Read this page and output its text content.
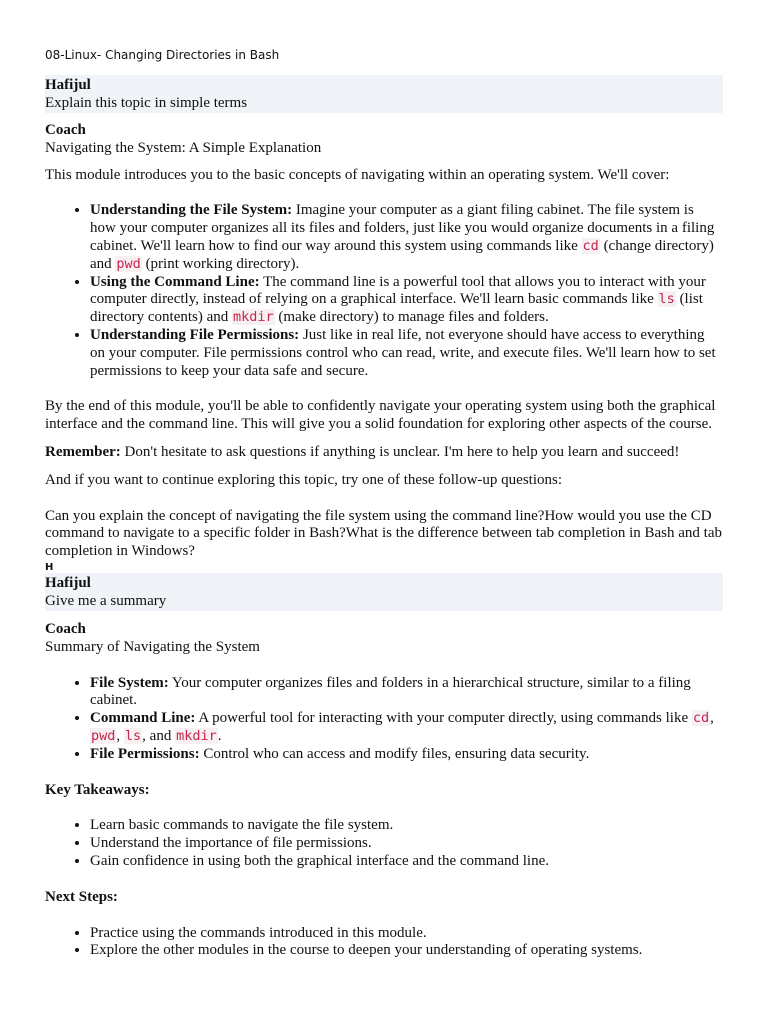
08-Linux- Changing Directories in Bash

Hafijul

Explain this topic in simple terms

Coach

Navigating the System: A Simple Explanation

This module introduces you to the basic concepts of navigating within an operating system. We'll cover:

• Understanding the File System: Imagine your computer as a giant filing cabinet. The file system is how your computer organizes all its files and folders, just like you would organize documents in a filing cabinet. We'll learn how to find our way around this system using commands like cd (change directory) and pwd (print working directory).
• Using the Command Line: The command line is a powerful tool that allows you to interact with your computer directly, instead of relying on a graphical interface. We'll learn basic commands like ls (list directory contents) and mkdir (make directory) to manage files and folders.
• Understanding File Permissions: Just like in real life, not everyone should have access to everything on your computer. File permissions control who can read, write, and execute files. We'll learn how to set permissions to keep your data safe and secure.

By the end of this module, you'll be able to confidently navigate your operating system using both the graphical interface and the command line. This will give you a solid foundation for exploring other aspects of the course.

Remember: Don't hesitate to ask questions if anything is unclear. I'm here to help you learn and succeed!

And if you want to continue exploring this topic, try one of these follow-up questions:

Can you explain the concept of navigating the file system using the command line?How would you use the CD command to navigate to a specific folder in Bash?What is the difference between tab completion in Bash and tab completion in Windows?

H

Hafijul

Give me a summary

Coach

Summary of Navigating the System

• File System: Your computer organizes files and folders in a hierarchical structure, similar to a filing cabinet.
• Command Line: A powerful tool for interacting with your computer directly, using commands like cd, pwd, ls, and mkdir.
• File Permissions: Control who can access and modify files, ensuring data security.

Key Takeaways:

• Learn basic commands to navigate the file system.
• Understand the importance of file permissions.
• Gain confidence in using both the graphical interface and the command line.

Next Steps:

• Practice using the commands introduced in this module.
• Explore the other modules in the course to deepen your understanding of operating systems.
